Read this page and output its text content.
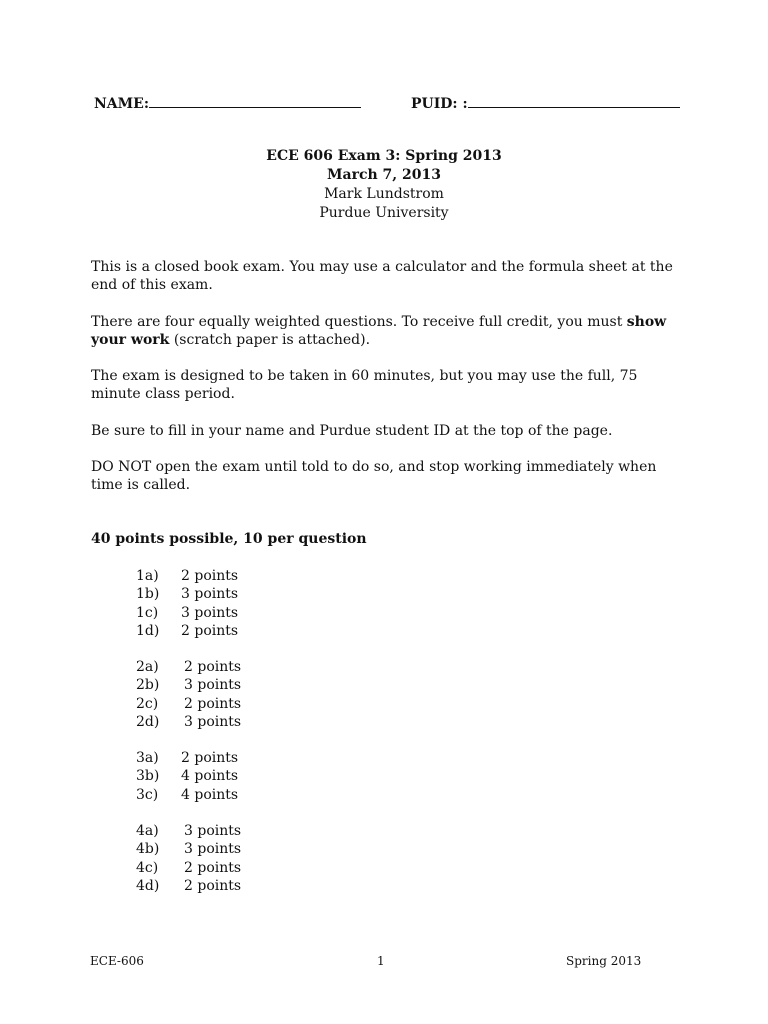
NAME:	PUID: :
ECE 606 Exam 3: Spring 2013
March 7, 2013
Mark Lundstrom
Purdue University
This is a closed book exam. You may use a calculator and the formula sheet at the end of this exam.
There are four equally weighted questions. To receive full credit, you must show your work (scratch paper is attached).
The exam is designed to be taken in 60 minutes, but you may use the full, 75 minute class period.
Be sure to fill in your name and Purdue student ID at the top of the page.
DO NOT open the exam until told to do so, and stop working immediately when time is called.
40 points possible, 10 per question
1a) 2 points
1b) 3 points
1c) 3 points
1d) 2 points
2a) 2 points
2b) 3 points
2c) 2 points
2d) 3 points
3a) 2 points
3b) 4 points
3c) 4 points
4a) 3 points
4b) 3 points
4c) 2 points
4d) 2 points
ECE-606	1	Spring 2013
